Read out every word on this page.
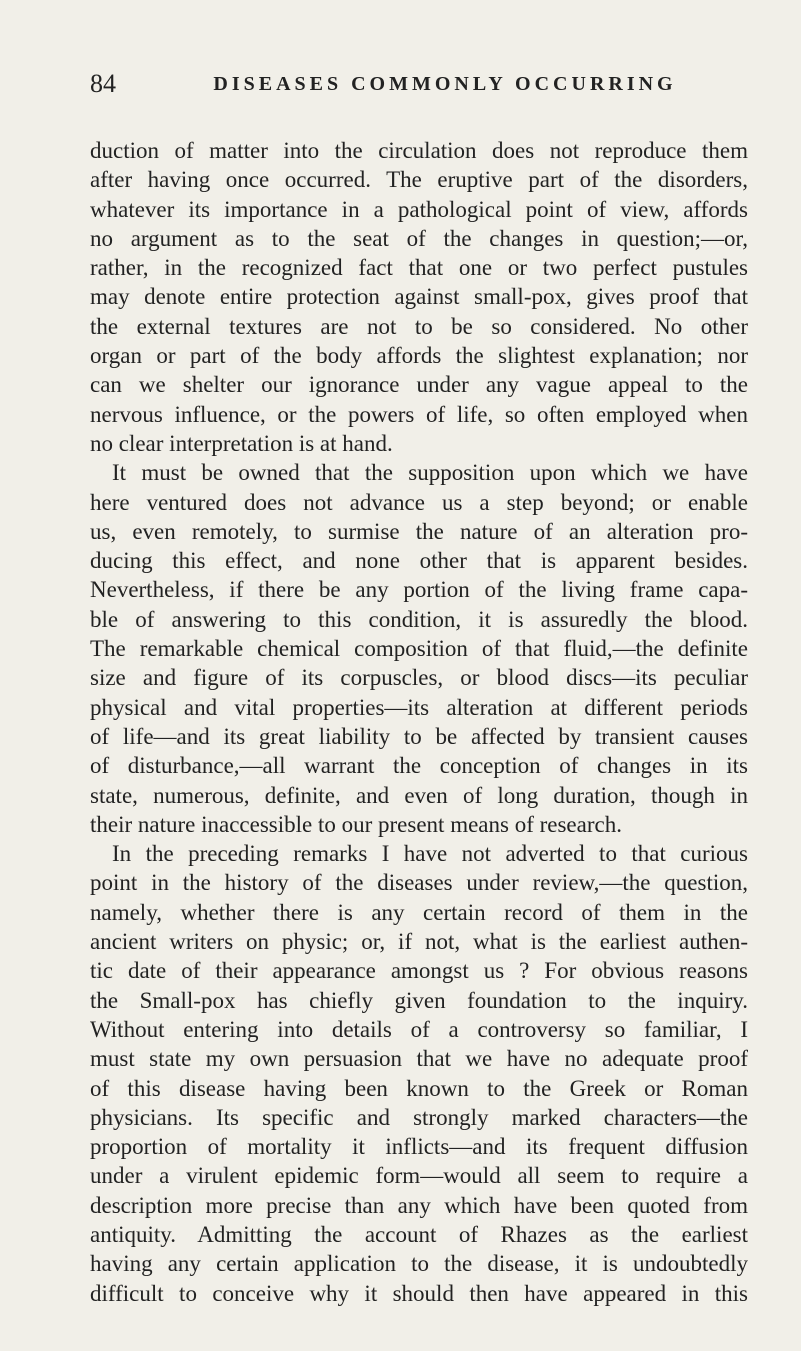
84	DISEASES COMMONLY OCCURRING
duction of matter into the circulation does not reproduce them
after having once occurred. The eruptive part of the disorders,
whatever its importance in a pathological point of view, affords
no argument as to the seat of the changes in question;—or,
rather, in the recognized fact that one or two perfect pustules
may denote entire protection against small-pox, gives proof that
the external textures are not to be so considered. No other
organ or part of the body affords the slightest explanation; nor
can we shelter our ignorance under any vague appeal to the
nervous influence, or the powers of life, so often employed when
no clear interpretation is at hand.
It must be owned that the supposition upon which we have
here ventured does not advance us a step beyond; or enable
us, even remotely, to surmise the nature of an alteration pro-
ducing this effect, and none other that is apparent besides.
Nevertheless, if there be any portion of the living frame capa-
ble of answering to this condition, it is assuredly the blood.
The remarkable chemical composition of that fluid,—the definite
size and figure of its corpuscles, or blood discs—its peculiar
physical and vital properties—its alteration at different periods
of life—and its great liability to be affected by transient causes
of disturbance,—all warrant the conception of changes in its
state, numerous, definite, and even of long duration, though in
their nature inaccessible to our present means of research.
In the preceding remarks I have not adverted to that curious
point in the history of the diseases under review,—the question,
namely, whether there is any certain record of them in the
ancient writers on physic; or, if not, what is the earliest authen-
tic date of their appearance amongst us ? For obvious reasons
the Small-pox has chiefly given foundation to the inquiry.
Without entering into details of a controversy so familiar, I
must state my own persuasion that we have no adequate proof
of this disease having been known to the Greek or Roman
physicians. Its specific and strongly marked characters—the
proportion of mortality it inflicts—and its frequent diffusion
under a virulent epidemic form—would all seem to require a
description more precise than any which have been quoted from
antiquity. Admitting the account of Rhazes as the earliest
having any certain application to the disease, it is undoubtedly
difficult to conceive why it should then have appeared in this
